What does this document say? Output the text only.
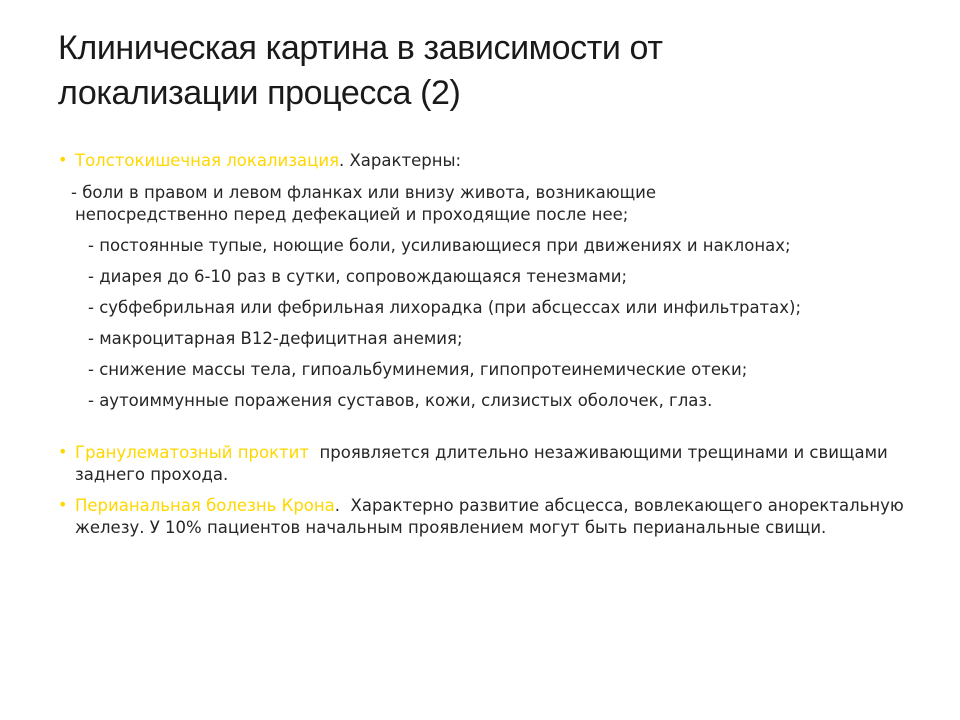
Клиническая картина в зависимости от
локализации процесса (2)
• Толстокишечная локализация. Характерны:
- боли в правом и левом фланках или внизу живота, возникающие
непосредственно перед дефекацией и проходящие после нее;
- постоянные тупые, ноющие боли, усиливающиеся при движениях и наклонах;
- диарея до 6-10 раз в сутки, сопровождающаяся тенезмами;
- субфебрильная или фебрильная лихорадка (при абсцессах или инфильтратах);
- макроцитарная В12-дефицитная анемия;
- снижение массы тела, гипоальбуминемия, гипопротеинемические отеки;
- аутоиммунные поражения суставов, кожи, слизистых оболочек, глаз.
• Гранулематозный проктит  проявляется длительно незаживающими трещинами и свищами заднего прохода.
• Перианальная болезнь Крона.  Характерно развитие абсцесса, вовлекающего аноректальную железу. У 10% пациентов начальным проявлением могут быть перианальные свищи.
